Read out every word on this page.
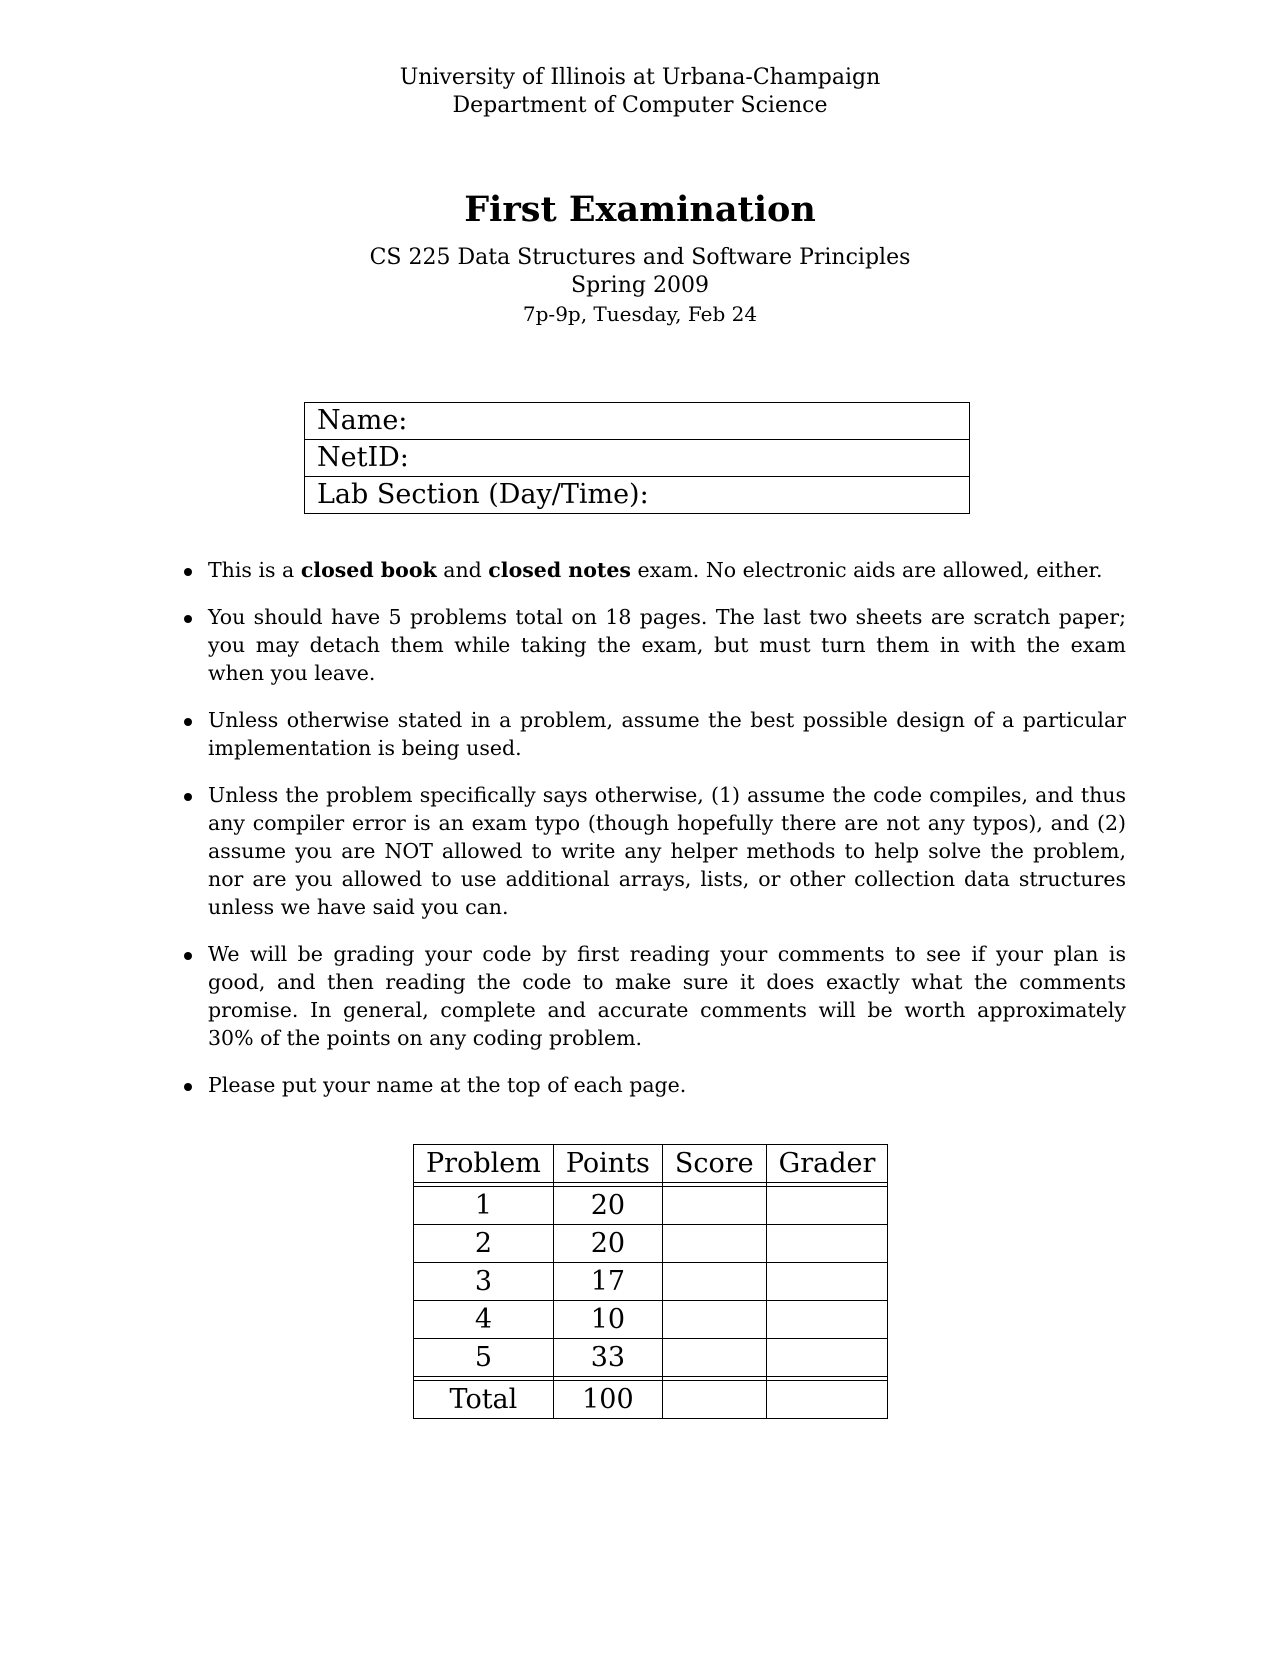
University of Illinois at Urbana-Champaign
Department of Computer Science
First Examination
CS 225 Data Structures and Software Principles
Spring 2009
7p-9p, Tuesday, Feb 24
Name:
NetID:
Lab Section (Day/Time):
This is a closed book and closed notes exam. No electronic aids are allowed, either.
You should have 5 problems total on 18 pages. The last two sheets are scratch paper; you may detach them while taking the exam, but must turn them in with the exam when you leave.
Unless otherwise stated in a problem, assume the best possible design of a particular implementation is being used.
Unless the problem specifically says otherwise, (1) assume the code compiles, and thus any compiler error is an exam typo (though hopefully there are not any typos), and (2) assume you are NOT allowed to write any helper methods to help solve the problem, nor are you allowed to use additional arrays, lists, or other collection data structures unless we have said you can.
We will be grading your code by first reading your comments to see if your plan is good, and then reading the code to make sure it does exactly what the comments promise. In general, complete and accurate comments will be worth approximately 30% of the points on any coding problem.
Please put your name at the top of each page.
Problem	Points	Score	Grader

1	20		
2	20		
3	17		
4	10		
5	33		

Total	100		
